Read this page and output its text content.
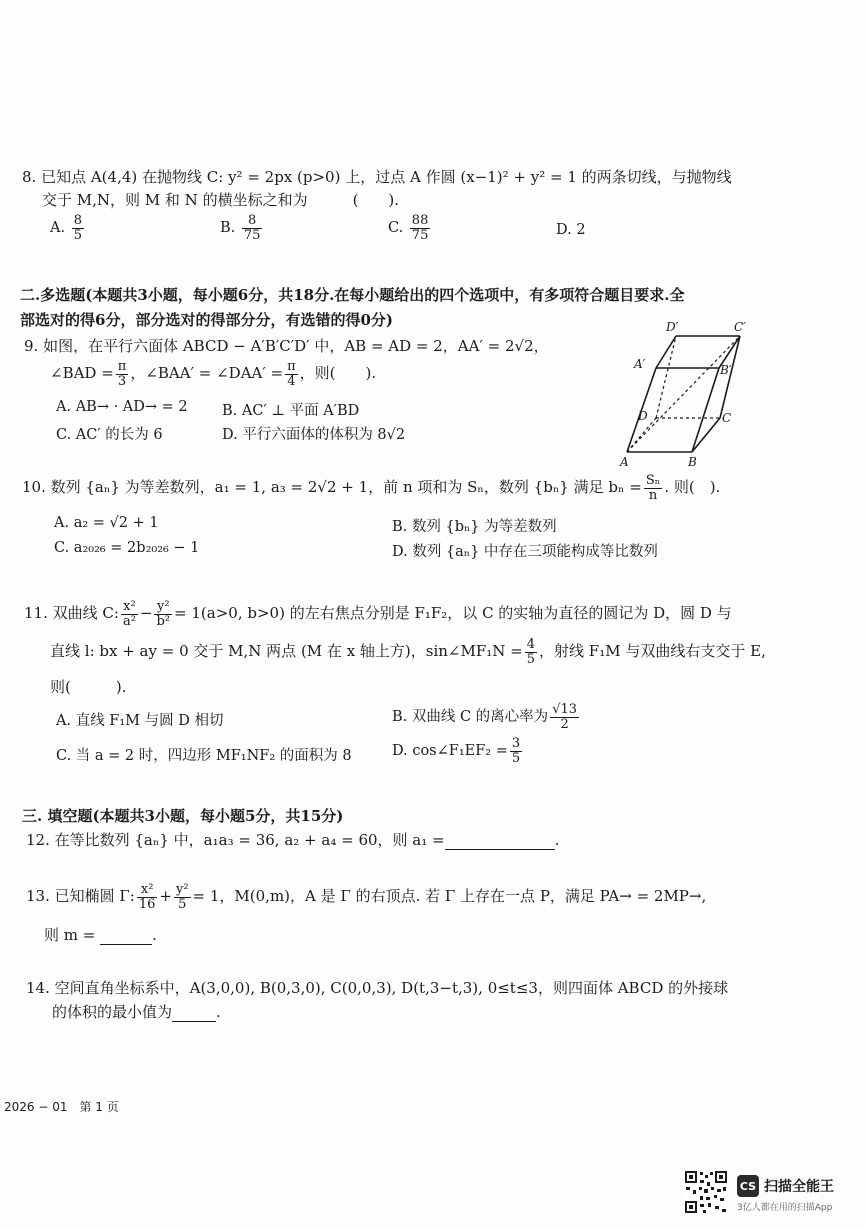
8. 已知点 A(4,4) 在抛物线 C: y² = 2px (p>0) 上，过点 A 作圆 (x−1)² + y² = 1 的两条切线，与抛物线
交于 M,N，则 M 和 N 的横坐标之和为　　　(　　).
A. $\frac{8}{5}$	B. $\frac{8}{75}$	C. $\frac{88}{75}$	D. 2
二.多选题(本题共3小题，每小题6分，共18分.在每小题给出的四个选项中，有多项符合题目要求.全
部选对的得6分，部分选对的得部分分，有选错的得0分)
9. 如图，在平行六面体 ABCD − A′B′C′D′ 中，AB = AD = 2，AA′ = 2√2，
∠BAD = $\frac{\pi}{3}$ ，∠BAA′ = ∠DAA′ = $\frac{\pi}{4}$ ，则(　　).
A. AB→ · AD→ = 2 B. AC′ ⊥ 平面 A′BD
C. AC′ 的长为 6	D. 平行六面体的体积为 8√2
D′	C′
A′	B′
D	C
A	B
10. 数列 {aₙ} 为等差数列，a₁ = 1, a₃ = 2√2 + 1，前 n 项和为 Sₙ，数列 {bₙ} 满足 $b_n = \frac{\text{Sₙ}}{n}$ . 则(　).
A. a₂ = √2 + 1	B. 数列 {bₙ} 为等差数列
C. a₂₀₂₆ = 2b₂₀₂₆ − 1	D. 数列 {aₙ} 中存在三项能构成等比数列
11. 双曲线 C: $\frac{\text{x²}}{\text{a²}} - \frac{\text{y²}}{\text{b²}} = 1(a>0$, b>0) 的左右焦点分别是 F₁F₂，以 C 的实轴为直径的圆记为 D，圆 D 与
直线 l: bx + ay = 0 交于 M,N 两点 (M 在 x 轴上方)，sin∠MF₁N = $\frac{4}{5}$ ，射线 F₁M 与双曲线右支交于 E,
则(　　　).
A. 直线 F₁M 与圆 D 相切	B. 双曲线 C 的离心率为 $\frac{√13}{2}$
C. 当 a = 2 时，四边形 MF₁NF₂ 的面积为 8	D. cos∠F₁EF₂ = $\frac{3}{5}$
三. 填空题(本题共3小题，每小题5分，共15分)
12. 在等比数列 {aₙ} 中，a₁a₃ = 36, a₂ + a₄ = 60，则 a₁ =	.
13. 已知椭圆 Γ: $\frac{\text{x²}}{16} + \frac{\text{y²}}{5} = 1$，M(0,m)，A 是 Γ 的右顶点. 若 Γ 上存在一点 P，满足 PA→ = 2MP→,
则 m =	.
14. 空间直角坐标系中，A(3,0,0), B(0,3,0), C(0,0,3), D(t,3−t,3), 0≤t≤3，则四面体 ABCD 的外接球
的体积的最小值为	.
2026 − 01　第 1 页
CS 扫描全能王
3亿人都在用的扫描App
